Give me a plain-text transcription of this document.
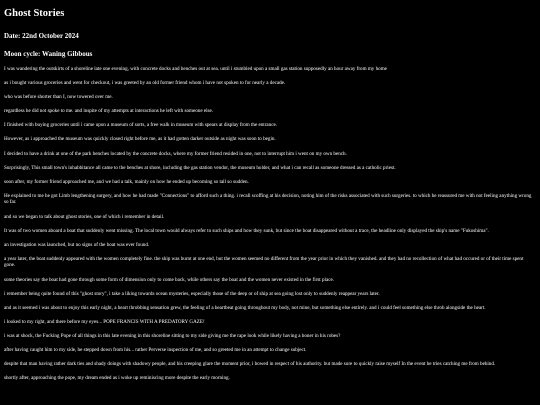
Ghost Stories
Date: 22nd October 2024
Moon cycle: Waning Gibbous

I was wandering the outskirts of a shoreline late one evening, with concrete docks and benches out at sea. until i stumbled upon a small gas station supposedly an hour away from my home

as i bought various groceries and went for checkout, i was greeted by an old former friend whom i have not spoken to for nearly a decade.

who was before shorter than I, now towered over me.

regardless he did not spoke to me. and inspite of my attempts at interactions he left with someone else.

I finished with buying groceries until i came upon a museum of sorts, a free walk in museum with spears at display from the entrance.

However, as i approached the museum was quickly closed right before me, as it had gotten darker outside as night was soon to begin.

I decided to have a drink at one of the park benches located by the concrete docks, where my former friend resided in one, not to interrupt him i went on my own bench.

Surprisingly, This small town's inhabbitance all came to the benches at shore, including the gas station vendor, the museum holder, and what i can recall as someone dressed as a catholic priest.

soon after, my former friend approached me, and we had a talk, mainly on how he ended up becoming so tall so sudden.

He explained to me he got Limb lengthening surgery, and how he had made "Connections" to afford such a thing. i recall scoffing at his decision, noting him of the risks associated with such surgeries. to which he reassured me with not feeling anything wrong so far.

and so we began to talk about ghost stories, one of which i remember in detail.

It was of two women aboard a boat that suddenly went missing. The local town would always refer to such ships and how they sunk, but since the boat disappeared without a trace, the headline only displayed the ship's name "Fukoshima".

an investigation was launched, but no signs of the boat was ever found.

a year later, the boat suddenly appeared with the women completely fine. the ship was burnt at one end, but the women seemed no different from the year prior in which they vanished. and they had no recollection of what had occured or of their time spent gone.

some theories say the boat had gone through some form of dimension only to come back, while others say the boat and the women never existed in the first place.

i remember being quite found of this "ghost story", i take a liking towards ocean mysteries, especially those of the deep or of ship at sea going lost only to suddenly reappear years later.

and as it seemed i was about to enjoy this early night, a heart throbbing sensation grew, the feeling of a heartbeat going throughout my body, not mine, but something else entirely. and i could feel something else throb alongside the heart.

i looked to my right, and there before my eyes... POPE FRANCIS WITH A PREDATORY GAZE!

i was at shock, the Fucking Pope of all things in this late evening in this shoreline sitting to my side giving me the rape look while likely having a boner in his robes?

after having caught him to my side, he stepped down from his... rather Perverse inspection of me, and so greeted me in an attempt to change subject.

despite that man having rather dark ties and shady doings with shadowy people, and his creeping glare the moment prior, i bowed in respect of his authority. but made sure to quickly raise myself In the event he tries catching me from behind.

shortly after, approaching the pope, my dream ended as i woke up reminiscing more despite the early morning.
